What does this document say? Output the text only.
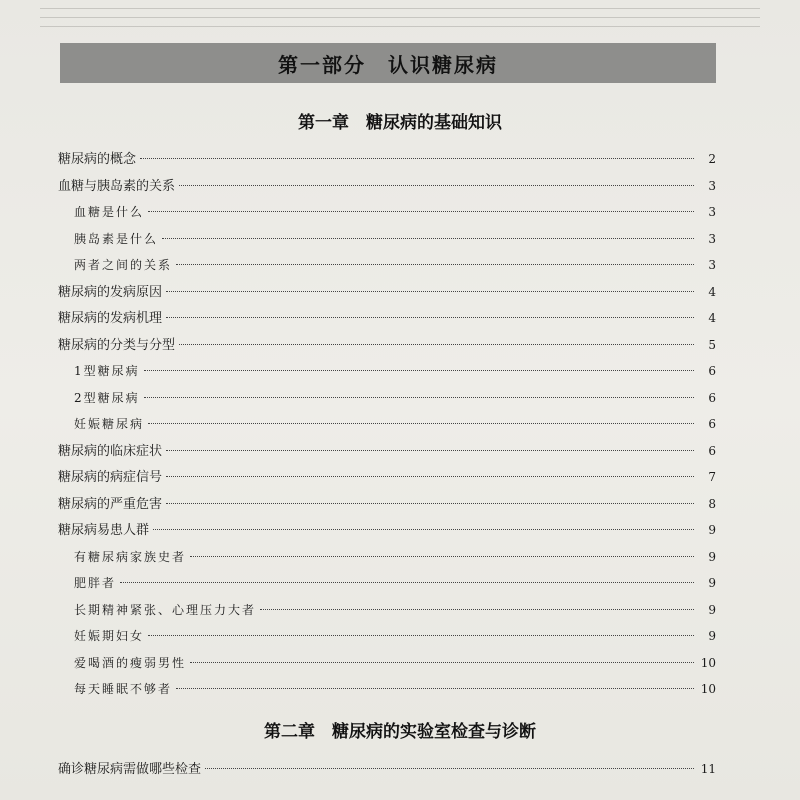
第一部分　认识糖尿病
第一章　糖尿病的基础知识
第二章　糖尿病的实验室检查与诊断
糖尿病的概念	2
血糖与胰岛素的关系	3
血糖是什么	3
胰岛素是什么	3
两者之间的关系	3
糖尿病的发病原因	4
糖尿病的发病机理	4
糖尿病的分类与分型	5
1型糖尿病	6
2型糖尿病	6
妊娠糖尿病	6
糖尿病的临床症状	6
糖尿病的病症信号	7
糖尿病的严重危害	8
糖尿病易患人群	9
有糖尿病家族史者	9
肥胖者	9
长期精神紧张、心理压力大者	9
妊娠期妇女	9
爱喝酒的瘦弱男性	10
每天睡眠不够者	10
确诊糖尿病需做哪些检查	11
